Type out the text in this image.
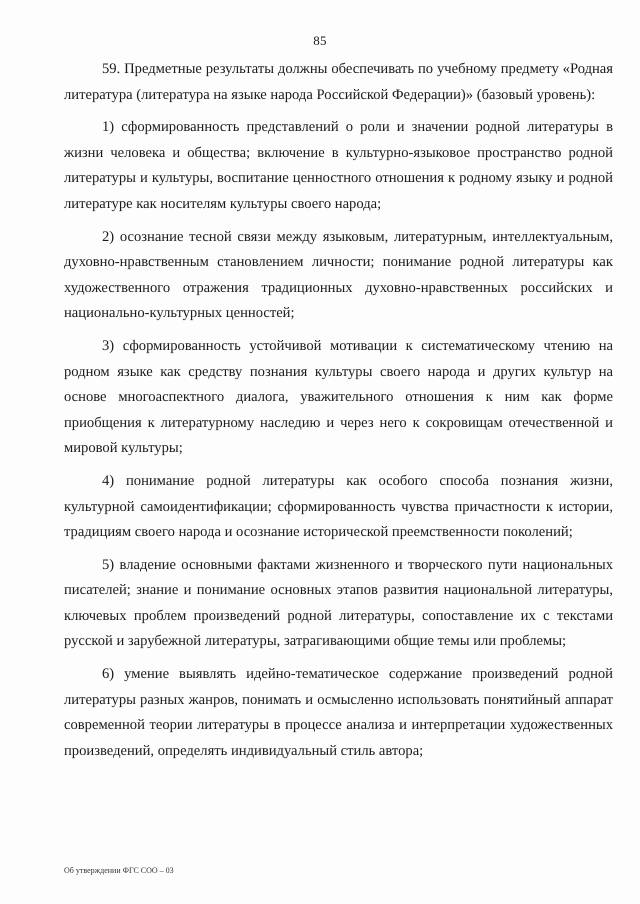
85

59. Предметные результаты должны обеспечивать по учебному предмету «Родная литература (литература на языке народа Российской Федерации)» (базовый уровень):

1) сформированность представлений о роли и значении родной литературы в жизни человека и общества; включение в культурно-языковое пространство родной литературы и культуры, воспитание ценностного отношения к родному языку и родной литературе как носителям культуры своего народа;

2) осознание тесной связи между языковым, литературным, интеллектуальным, духовно-нравственным становлением личности; понимание родной литературы как художественного отражения традиционных духовно-нравственных российских и национально-культурных ценностей;

3) сформированность устойчивой мотивации к систематическому чтению на родном языке как средству познания культуры своего народа и других культур на основе многоаспектного диалога, уважительного отношения к ним как форме приобщения к литературному наследию и через него к сокровищам отечественной и мировой культуры;

4) понимание родной литературы как особого способа познания жизни, культурной самоидентификации; сформированность чувства причастности к истории, традициям своего народа и осознание исторической преемственности поколений;

5) владение основными фактами жизненного и творческого пути национальных писателей; знание и понимание основных этапов развития национальной литературы, ключевых проблем произведений родной литературы, сопоставление их с текстами русской и зарубежной литературы, затрагивающими общие темы или проблемы;

6) умение выявлять идейно-тематическое содержание произведений родной литературы разных жанров, понимать и осмысленно использовать понятийный аппарат современной теории литературы в процессе анализа и интерпретации художественных произведений, определять индивидуальный стиль автора;

Об утверждении ФГС СОО – 03
